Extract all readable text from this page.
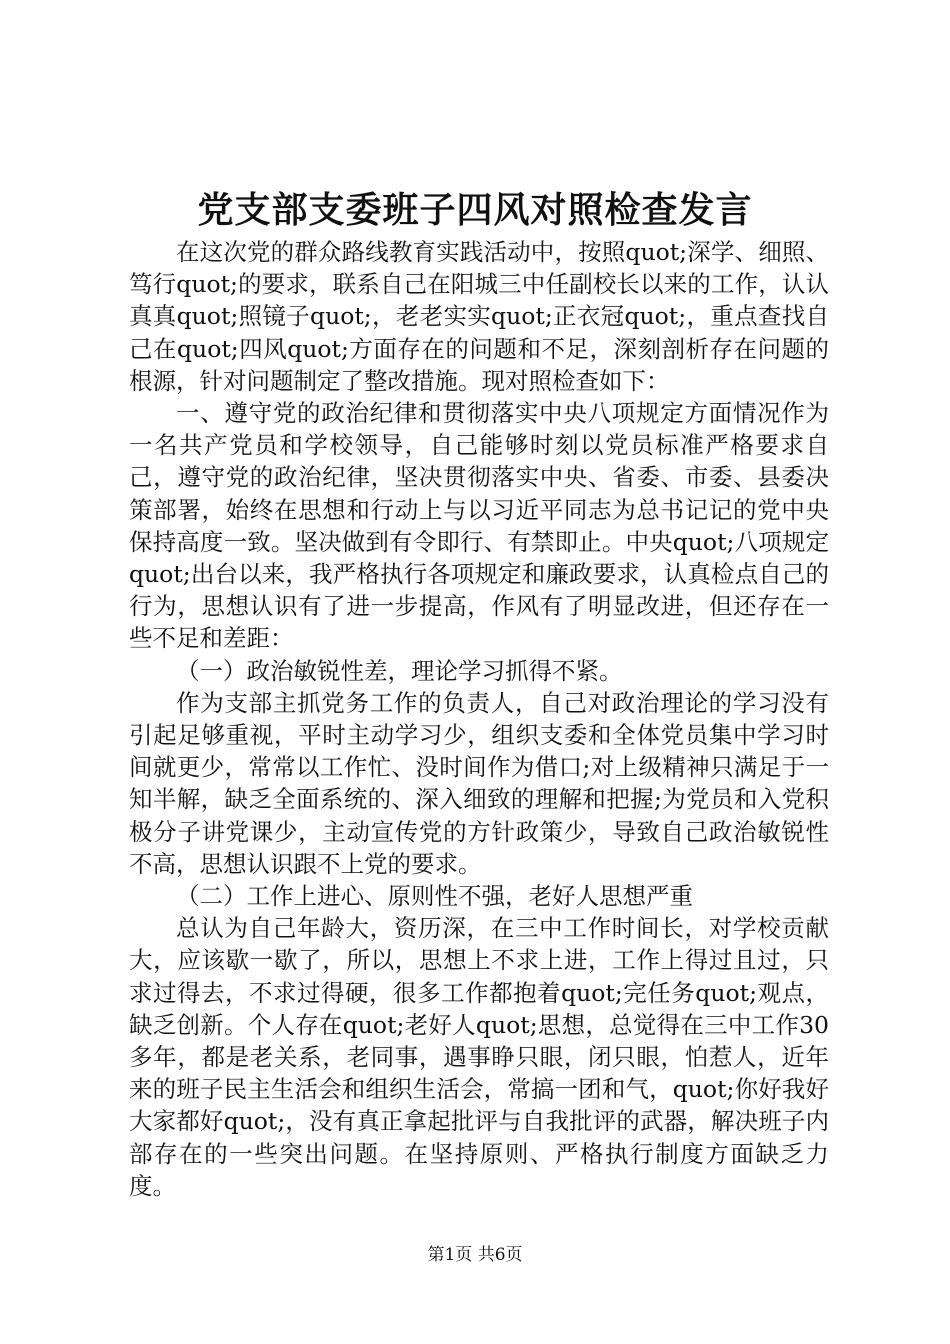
党支部支委班子四风对照检查发言

在这次党的群众路线教育实践活动中，按照quot;深学、细照、笃行quot;的要求，联系自己在阳城三中任副校长以来的工作，认认真真quot;照镜子quot;，老老实实quot;正衣冠quot;，重点查找自己在quot;四风quot;方面存在的问题和不足，深刻剖析存在问题的根源，针对问题制定了整改措施。现对照检查如下：

一、遵守党的政治纪律和贯彻落实中央八项规定方面情况作为一名共产党员和学校领导，自己能够时刻以党员标准严格要求自己，遵守党的政治纪律，坚决贯彻落实中央、省委、市委、县委决策部署，始终在思想和行动上与以习近平同志为总书记记的党中央保持高度一致。坚决做到有令即行、有禁即止。中央quot;八项规定quot;出台以来，我严格执行各项规定和廉政要求，认真检点自己的行为，思想认识有了进一步提高，作风有了明显改进，但还存在一些不足和差距：

（一）政治敏锐性差，理论学习抓得不紧。

作为支部主抓党务工作的负责人，自己对政治理论的学习没有引起足够重视，平时主动学习少，组织支委和全体党员集中学习时间就更少，常常以工作忙、没时间作为借口;对上级精神只满足于一知半解，缺乏全面系统的、深入细致的理解和把握;为党员和入党积极分子讲党课少，主动宣传党的方针政策少，导致自己政治敏锐性不高，思想认识跟不上党的要求。

（二）工作上进心、原则性不强，老好人思想严重

总认为自己年龄大，资历深，在三中工作时间长，对学校贡献大，应该歇一歇了，所以，思想上不求上进，工作上得过且过，只求过得去，不求过得硬，很多工作都抱着quot;完任务quot;观点，缺乏创新。个人存在quot;老好人quot;思想，总觉得在三中工作30多年，都是老关系，老同事，遇事睁只眼，闭只眼，怕惹人，近年来的班子民主生活会和组织生活会，常搞一团和气，quot;你好我好大家都好quot;，没有真正拿起批评与自我批评的武器，解决班子内部存在的一些突出问题。在坚持原则、严格执行制度方面缺乏力度。

第1页 共6页
